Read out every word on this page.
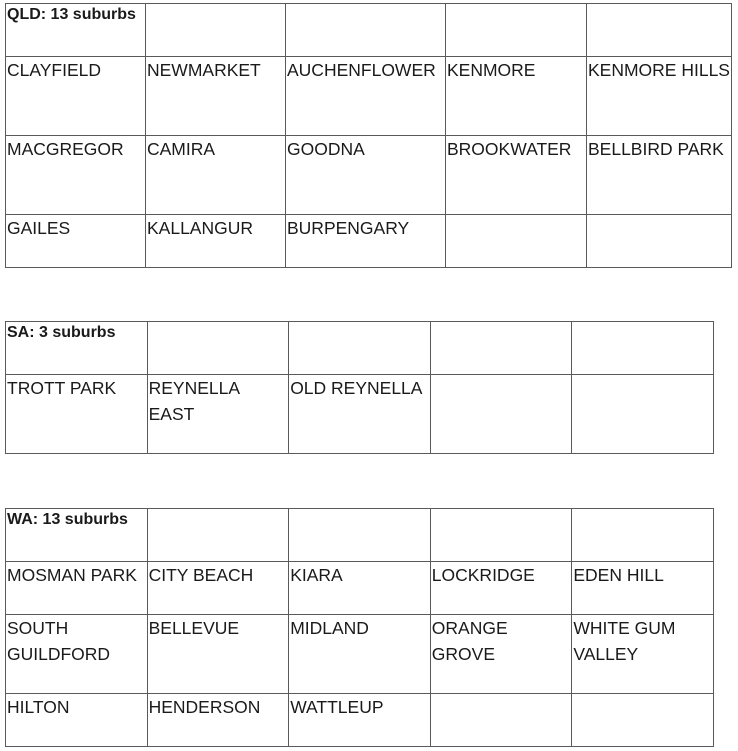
QLD: 13 suburbs				
CLAYFIELD	NEWMARKET	AUCHENFLOWER	KENMORE	KENMORE HILLS
MACGREGOR	CAMIRA	GOODNA	BROOKWATER	BELLBIRD PARK
GAILES	KALLANGUR	BURPENGARY		
SA: 3 suburbs				
TROTT PARK	REYNELLA EAST	OLD REYNELLA		
WA: 13 suburbs				
MOSMAN PARK	CITY BEACH	KIARA	LOCKRIDGE	EDEN HILL
SOUTH GUILDFORD	BELLEVUE	MIDLAND	ORANGE GROVE	WHITE GUM VALLEY
HILTON	HENDERSON	WATTLEUP		
